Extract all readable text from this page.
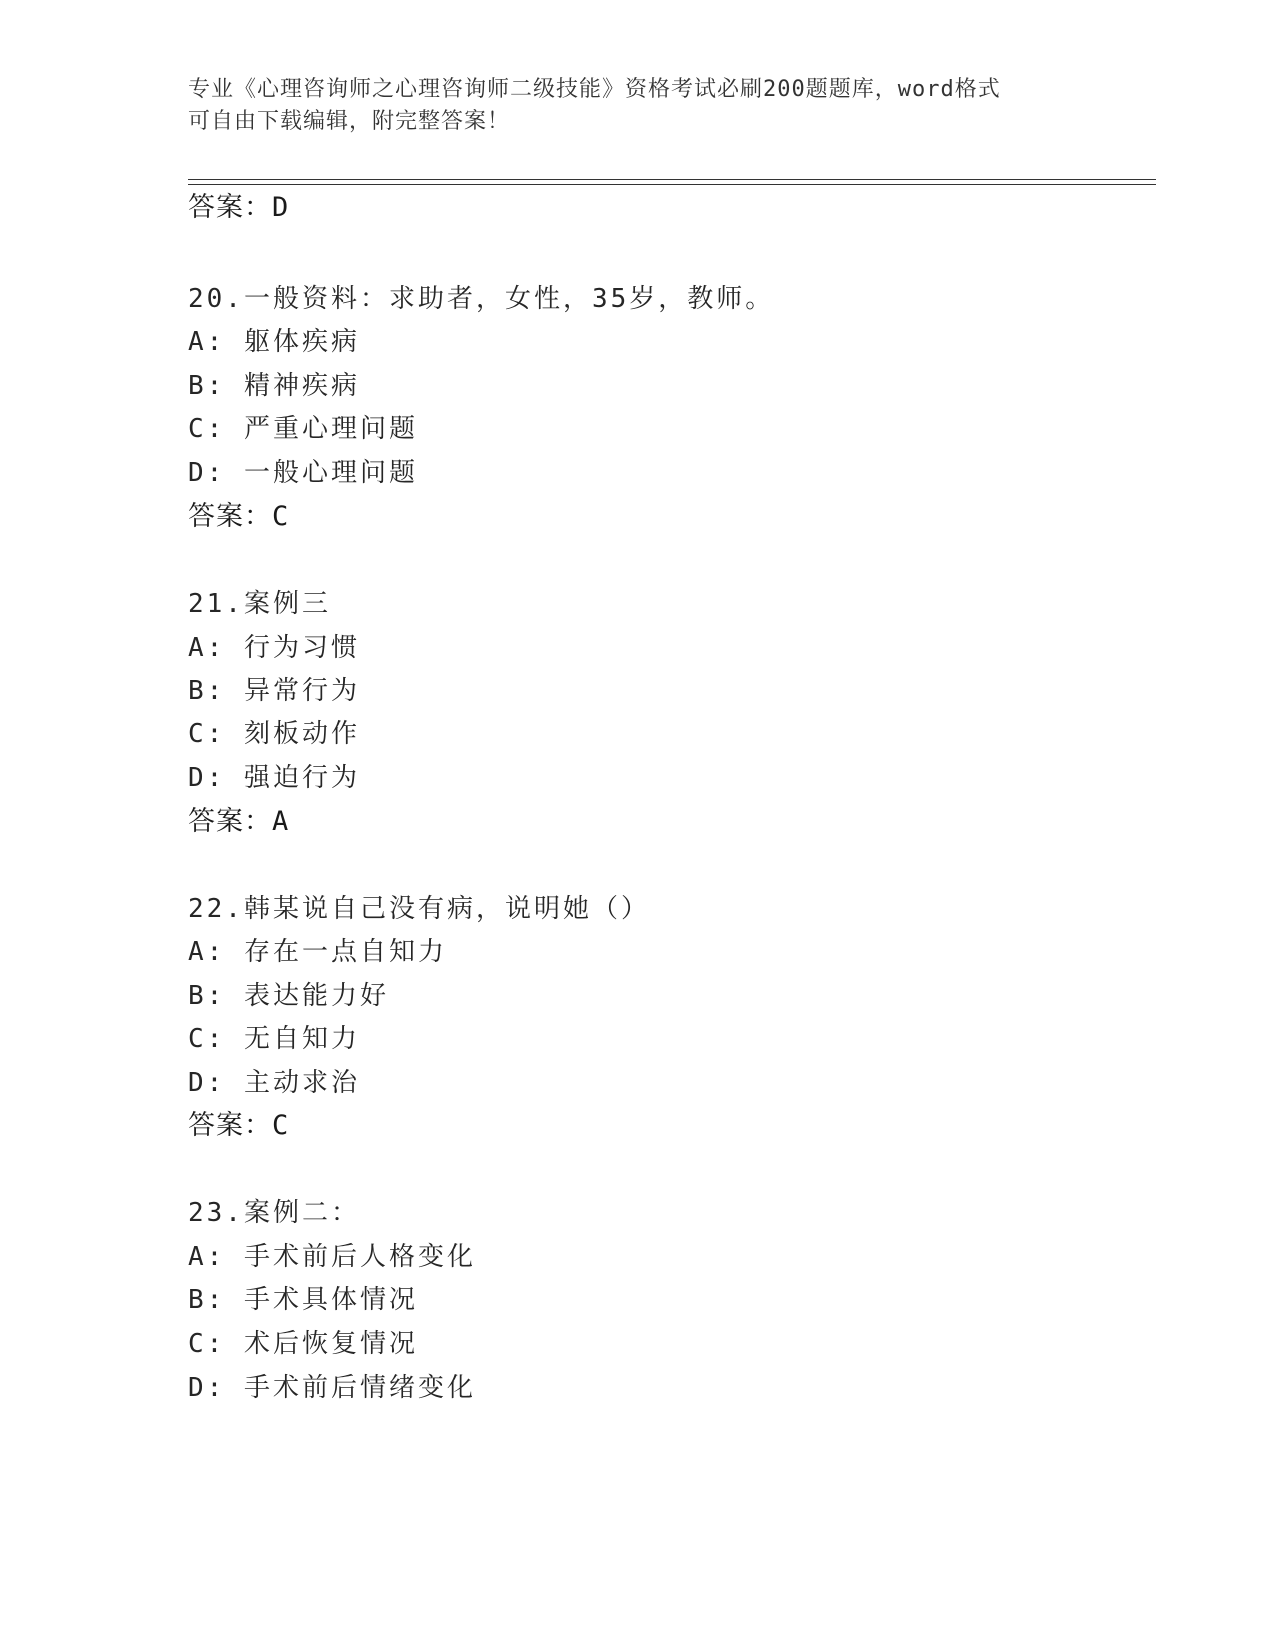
专业《心理咨询师之心理咨询师二级技能》资格考试必刷200题题库，word格式
可自由下载编辑，附完整答案！
答案：D
20.一般资料：求助者，女性，35岁，教师。
A: 躯体疾病
B: 精神疾病
C: 严重心理问题
D: 一般心理问题
答案：C
21.案例三
A: 行为习惯
B: 异常行为
C: 刻板动作
D: 强迫行为
答案：A
22.韩某说自己没有病，说明她（）
A: 存在一点自知力
B: 表达能力好
C: 无自知力
D: 主动求治
答案：C
23.案例二：
A: 手术前后人格变化
B: 手术具体情况
C: 术后恢复情况
D: 手术前后情绪变化
